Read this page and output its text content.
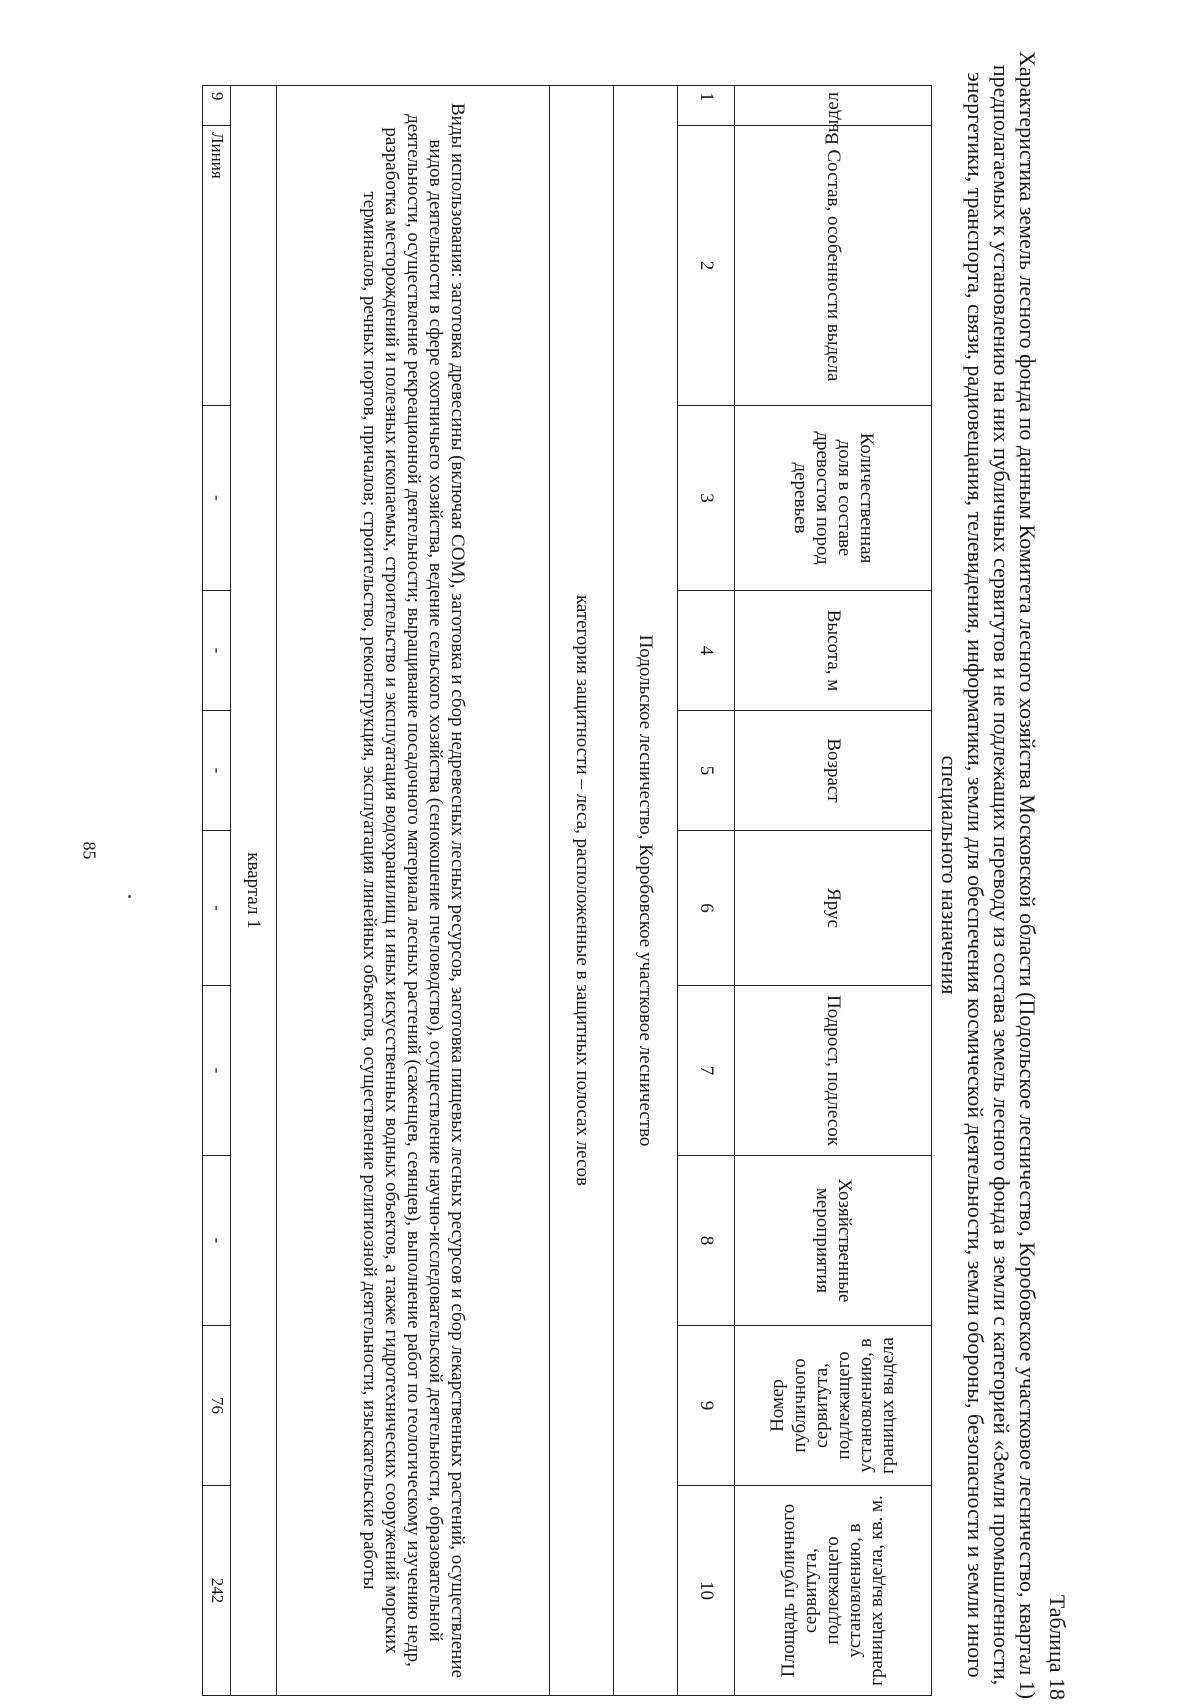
85
Таблица 18
Характеристика земель лесного фонда по данным Комитета лесного хозяйства Московской области (Подольское лесничество, Коробовское участковое лесничество, квартал 1) предполагаемых к установлению на них публичных сервитутов и не подлежащих переводу из состава земель лесного фонда в земли с категорией «Земли промышленности, энергетики, транспорта, связи, радиовещания, телевидения, информатики, земли для обеспечения космической деятельности, земли обороны, безопасности и земли иного специального назначения
Выдел	Состав, особенности выдела	Количественная доля в составе древостоя пород деревьев	Высота, м	Возраст	Ярус	Подрост, подлесок	Хозяйственные мероприятия	Номер публичного сервитута, подлежащего установлению, в границах выдела	Площадь публичного сервитута, подлежащего установлению, в границах выдела, кв. м.
1	2	3	4	5	6	7	8	9	10
Подольское лесничество, Коробовское участковое лесничество									
категория защитности – леса, расположенные в защитных полосах лесов									
Виды использования: заготовка древесины (включая СОМ), заготовка и сбор недревесных лесных ресурсов, заготовка пищевых лесных ресурсов и сбор лекарственных растений, осуществление видов деятельности в сфере охотничьего хозяйства, ведение сельского хозяйства (сенокошение пчеловодство), осуществление научно-исследовательской деятельности, образовательной деятельности, осуществление рекреационной деятельности; выращивание посадочного материала лесных растений (саженцев, сеянцев), выполнение работ по геологическому изучению недр, разработка месторождений и полезных ископаемых, строительство и эксплуатация водохранилищ и иных искусственных водных объектов, а также гидротехнических сооружений морских терминалов, речных портов, причалов; строительство, реконструкция, эксплуатация линейных объектов, осуществление религиозной деятельности, изыскательские работы									
квартал 1									
9	Линия	-	-	-	-	-	-	76	242
